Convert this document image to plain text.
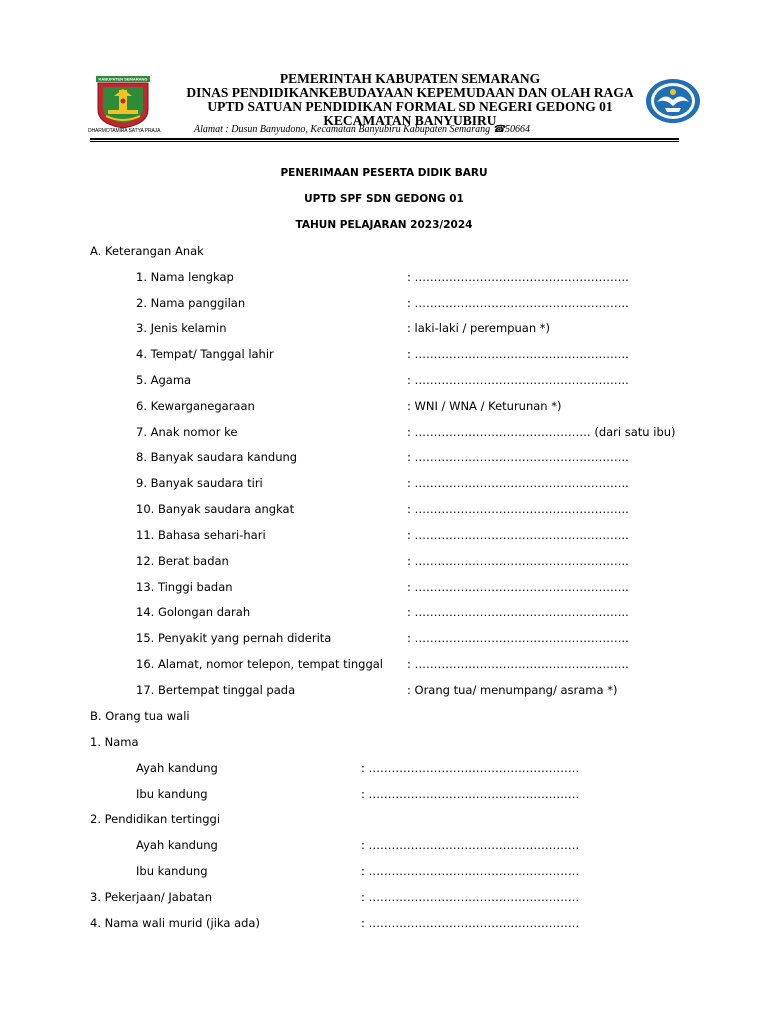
KABUPATEN SEMARANG
DHARMOTAMIRA SATYA PRAJA
PEMERINTAH KABUPATEN SEMARANG
DINAS PENDIDIKANKEBUDAYAAN KEPEMUDAAN DAN OLAH RAGA
UPTD SATUAN PENDIDIKAN FORMAL SD NEGERI GEDONG 01
KECAMATAN BANYUBIRU
Alamat : Dusun Banyudono, Kecamatan Banyubiru Kabupaten Semarang ☎50664
PENERIMAAN PESERTA DIDIK BARU
UPTD SPF SDN GEDONG 01
TAHUN PELAJARAN 2023/2024
A. Keterangan Anak
1. Nama lengkap	: ………………………………………………..
2. Nama panggilan	: ………………………………………………..
3. Jenis kelamin	: laki-laki / perempuan *)
4. Tempat/ Tanggal lahir	: ………………………………………………..
5. Agama	: ………………………………………………..
6. Kewarganegaraan	: WNI / WNA / Keturunan *)
7. Anak nomor ke	: ………………………………………. (dari satu ibu)
8. Banyak saudara kandung	: ………………………………………………..
9. Banyak saudara tiri	: ………………………………………………..
10. Banyak saudara angkat	: ………………………………………………..
11. Bahasa sehari-hari	: ………………………………………………..
12. Berat badan	: ………………………………………………..
13. Tinggi badan	: ………………………………………………..
14. Golongan darah	: ………………………………………………..
15. Penyakit yang pernah diderita	: ………………………………………………..
16. Alamat, nomor telepon, tempat tinggal : ………………………………………………..
17. Bertempat tinggal pada	: Orang tua/ menumpang/ asrama *)
B. Orang tua wali
1. Nama
Ayah kandung	: ……………………………………………….
Ibu kandung	: ……………………………………………….
2. Pendidikan tertinggi
Ayah kandung	: ……………………………………………….
Ibu kandung	: ……………………………………………….
3. Pekerjaan/ Jabatan	: ……………………………………………….
4. Nama wali murid (jika ada)	: ……………………………………………….
